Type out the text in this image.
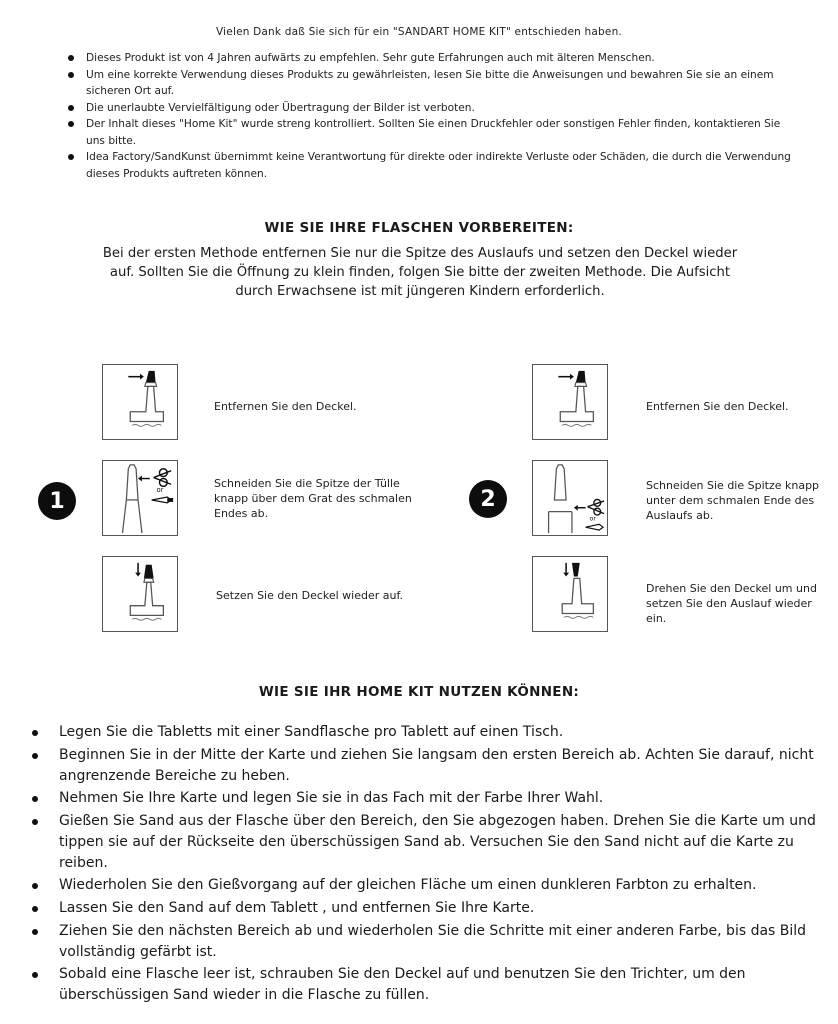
Vielen Dank daß Sie sich für ein "SANDART HOME KIT" entschieden haben.
Dieses Produkt ist von 4 Jahren aufwärts zu empfehlen. Sehr gute Erfahrungen auch mit älteren Menschen.
Um eine korrekte Verwendung dieses Produkts zu gewährleisten, lesen Sie bitte die Anweisungen und bewahren Sie sie an einem sicheren Ort auf.
Die unerlaubte Vervielfältigung oder Übertragung der Bilder ist verboten.
Der Inhalt dieses "Home Kit" wurde streng kontrolliert. Sollten Sie einen Druckfehler oder sonstigen Fehler finden, kontaktieren Sie uns bitte.
Idea Factory/SandKunst übernimmt keine Verantwortung für direkte oder indirekte Verluste oder Schäden, die durch die Verwendung dieses Produkts auftreten können.
WIE SIE IHRE FLASCHEN VORBEREITEN:
Bei der ersten Methode entfernen Sie nur die Spitze des Auslaufs und setzen den Deckel wieder auf. Sollten Sie die Öffnung zu klein finden, folgen Sie bitte der zweiten Methode. Die Aufsicht durch Erwachsene ist mit jüngeren Kindern erforderlich.
1
Entfernen Sie den Deckel.
or
Schneiden Sie die Spitze der Tülle knapp über dem Grat des schmalen Endes ab.
Setzen Sie den Deckel wieder auf.
2
Entfernen Sie den Deckel.
or
Schneiden Sie die Spitze knapp unter dem schmalen Ende des Auslaufs ab.
Drehen Sie den Deckel um und setzen Sie den Auslauf wieder ein.
WIE SIE IHR HOME KIT NUTZEN KÖNNEN:
Legen Sie die Tabletts mit einer Sandflasche pro Tablett auf einen Tisch.
Beginnen Sie in der Mitte der Karte und ziehen Sie langsam den ersten Bereich ab. Achten Sie darauf, nicht angrenzende Bereiche zu heben.
Nehmen Sie Ihre Karte und legen Sie sie in das Fach mit der Farbe Ihrer Wahl.
Gießen Sie Sand aus der Flasche über den Bereich, den Sie abgezogen haben. Drehen Sie die Karte um und tippen sie auf der Rückseite den überschüssigen Sand ab. Versuchen Sie den Sand nicht auf die Karte zu reiben.
Wiederholen Sie den Gießvorgang auf der gleichen Fläche um einen dunkleren Farbton zu erhalten.
Lassen Sie den Sand auf dem Tablett , und entfernen Sie Ihre Karte.
Ziehen Sie den nächsten Bereich ab und wiederholen Sie die Schritte mit einer anderen Farbe, bis das Bild vollständig gefärbt ist.
Sobald eine Flasche leer ist, schrauben Sie den Deckel auf und benutzen Sie den Trichter, um den überschüssigen Sand wieder in die Flasche zu füllen.
